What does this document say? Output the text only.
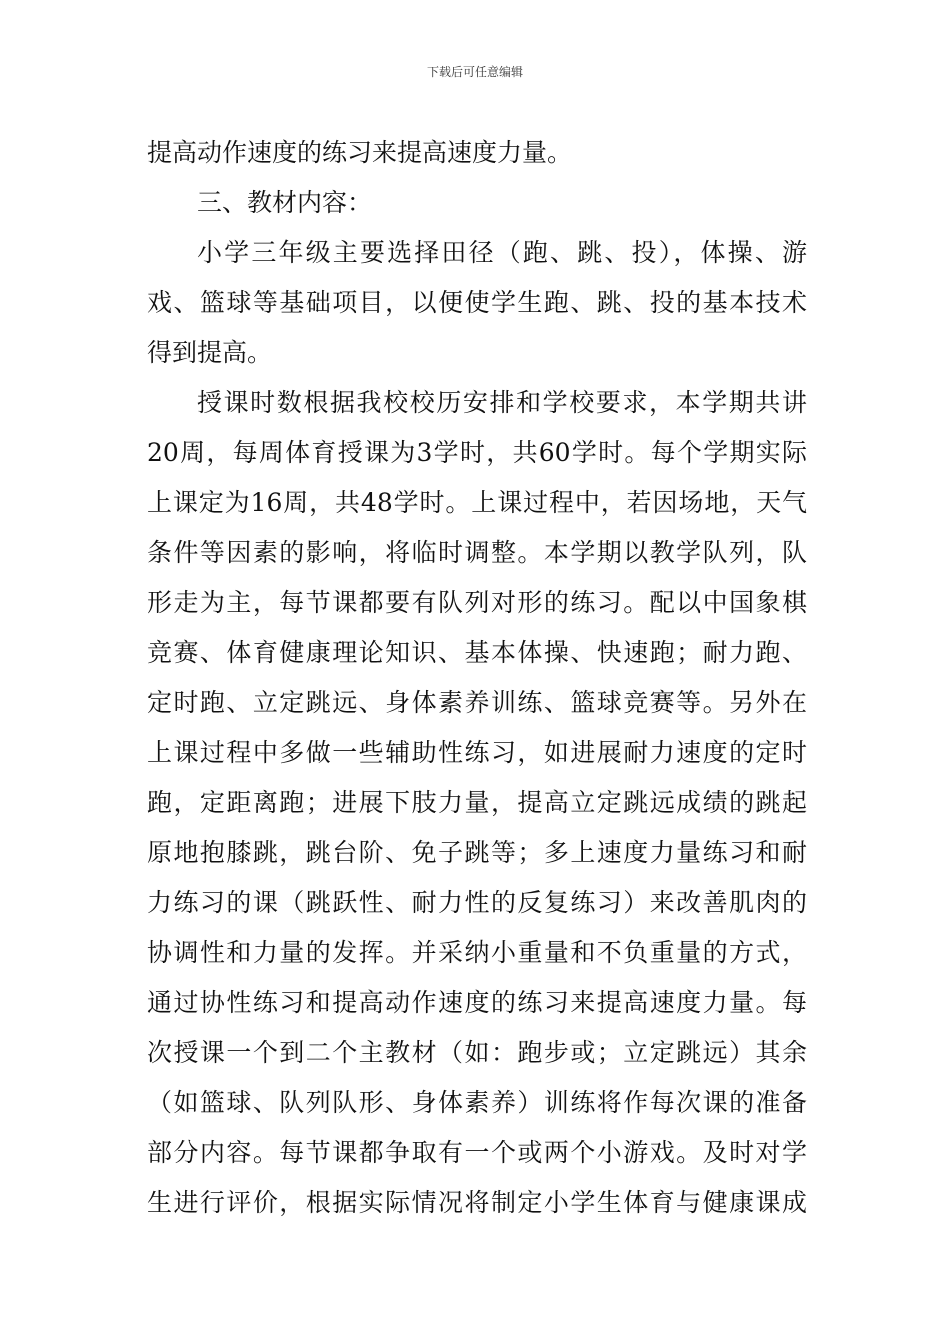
下载后可任意编辑
提高动作速度的练习来提高速度力量。
三、教材内容：
小学三年级主要选择田径（跑、跳、投），体操、游
戏、篮球等基础项目，以便使学生跑、跳、投的基本技术
得到提高。
授课时数根据我校校历安排和学校要求，本学期共讲
20周，每周体育授课为3学时，共60学时。每个学期实际
上课定为16周，共48学时。上课过程中，若因场地，天气
条件等因素的影响，将临时调整。本学期以教学队列，队
形走为主，每节课都要有队列对形的练习。配以中国象棋
竞赛、体育健康理论知识、基本体操、快速跑；耐力跑、
定时跑、立定跳远、身体素养训练、篮球竞赛等。另外在
上课过程中多做一些辅助性练习，如进展耐力速度的定时
跑，定距离跑；进展下肢力量，提高立定跳远成绩的跳起
原地抱膝跳，跳台阶、免子跳等；多上速度力量练习和耐
力练习的课（跳跃性、耐力性的反复练习）来改善肌肉的
协调性和力量的发挥。并采纳小重量和不负重量的方式，
通过协性练习和提高动作速度的练习来提高速度力量。每
次授课一个到二个主教材（如：跑步或；立定跳远）其余
（如篮球、队列队形、身体素养）训练将作每次课的准备
部分内容。每节课都争取有一个或两个小游戏。及时对学
生进行评价，根据实际情况将制定小学生体育与健康课成
